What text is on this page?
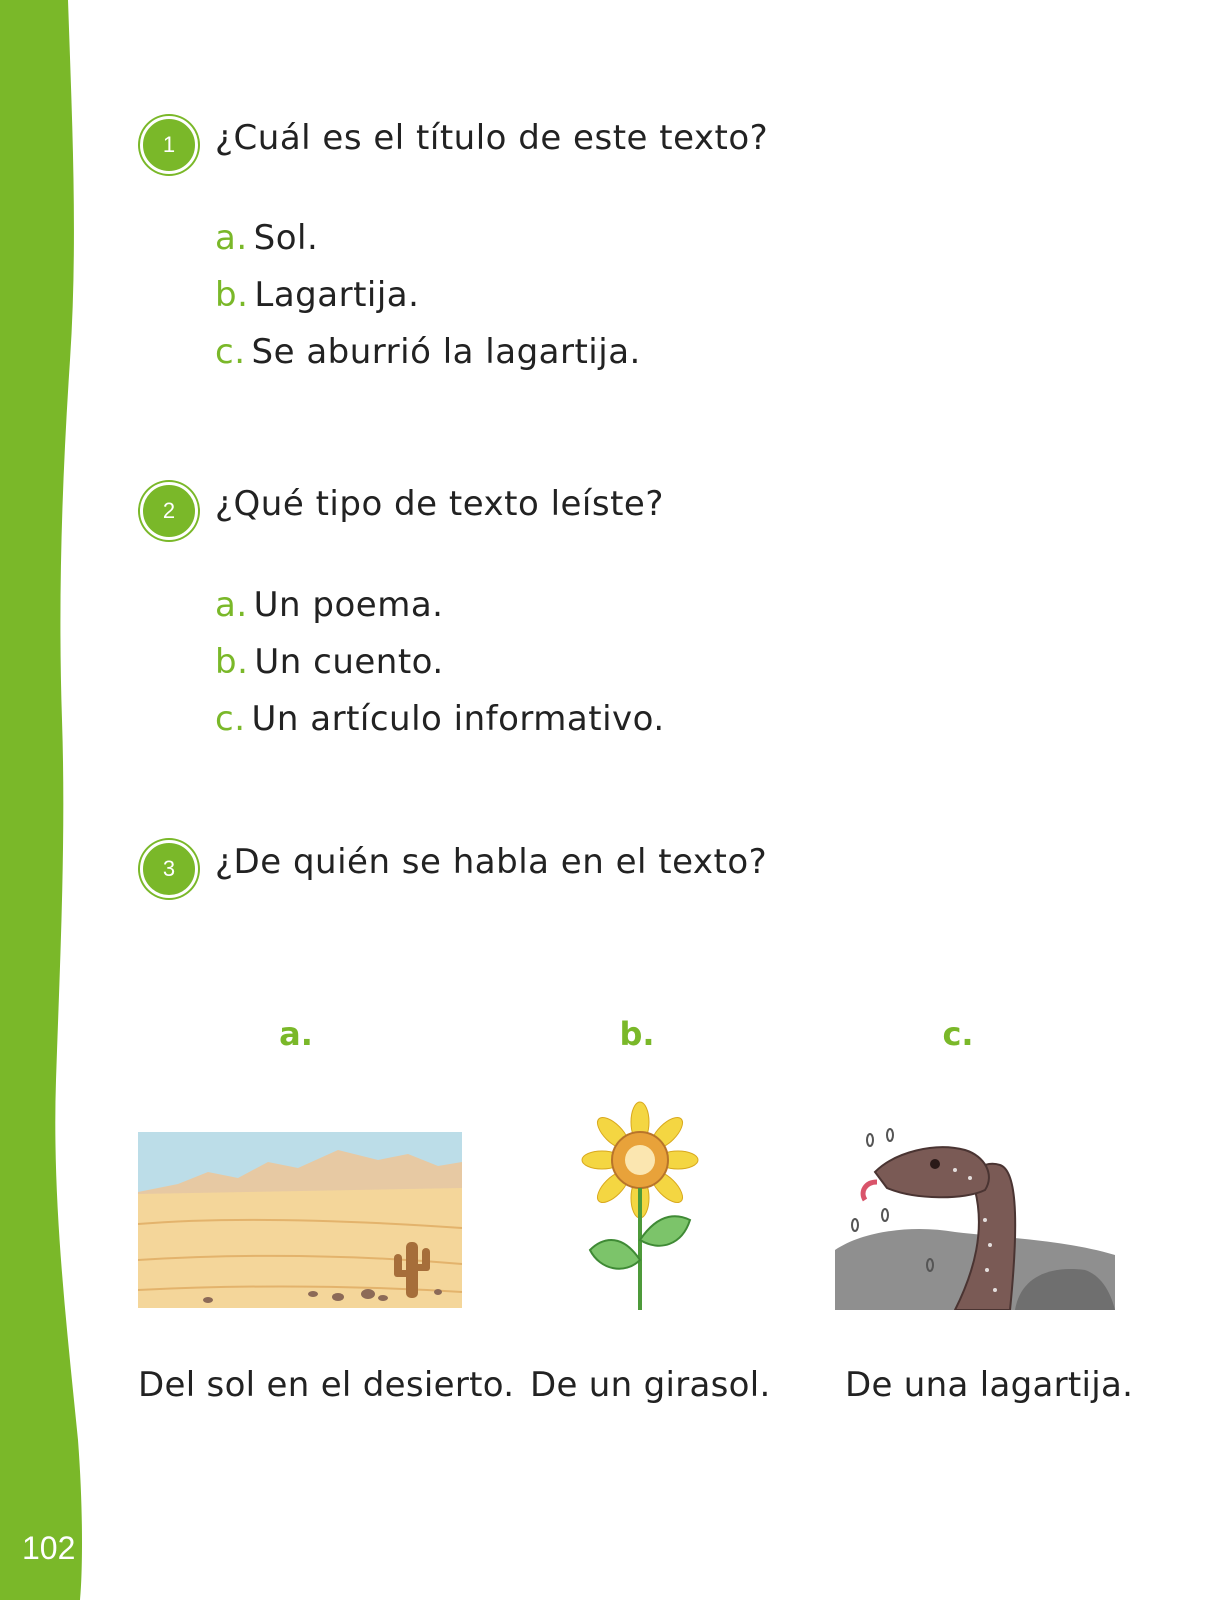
102
1	¿Cuál es el título de este texto?
a. Sol.
b. Lagartija.
c. Se aburrió la lagartija.
2	¿Qué tipo de texto leíste?
a. Un poema.
b. Un cuento.
c. Un artículo informativo.
3	¿De quién se habla en el texto?
a.	b.	c.
Del sol en el desierto. De un girasol. De una lagartija.
